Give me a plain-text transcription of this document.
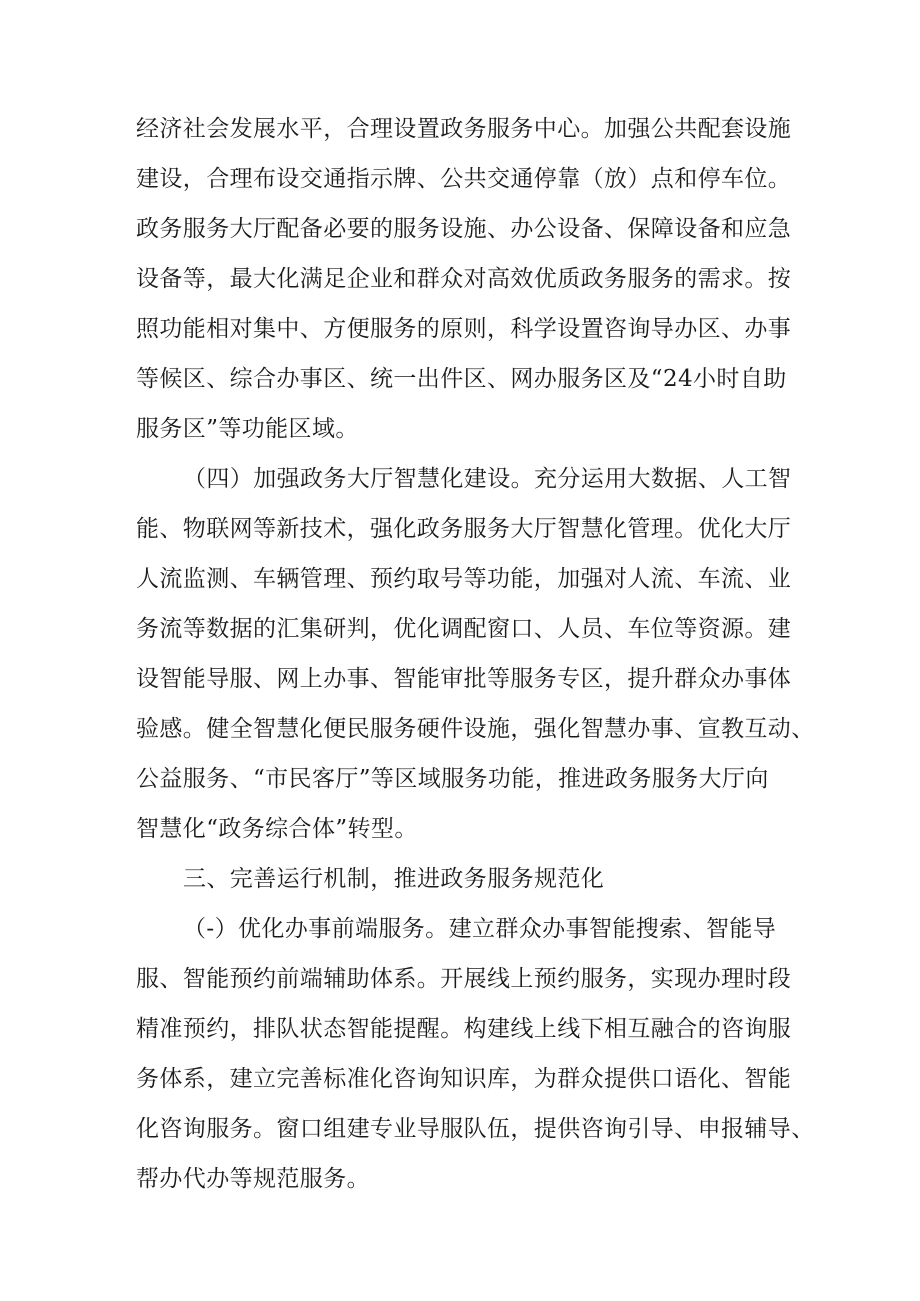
经济社会发展水平，合理设置政务服务中心。加强公共配套设施
建设，合理布设交通指示牌、公共交通停靠（放）点和停车位。
政务服务大厅配备必要的服务设施、办公设备、保障设备和应急
设备等，最大化满足企业和群众对高效优质政务服务的需求。按
照功能相对集中、方便服务的原则，科学设置咨询导办区、办事
等候区、综合办事区、统一出件区、网办服务区及“24小时自助
服务区”等功能区域。
（四）加强政务大厅智慧化建设。充分运用大数据、人工智
能、物联网等新技术，强化政务服务大厅智慧化管理。优化大厅
人流监测、车辆管理、预约取号等功能，加强对人流、车流、业
务流等数据的汇集研判，优化调配窗口、人员、车位等资源。建
设智能导服、网上办事、智能审批等服务专区，提升群众办事体
验感。健全智慧化便民服务硬件设施，强化智慧办事、宣教互动、
公益服务、“市民客厅”等区域服务功能，推进政务服务大厅向
智慧化“政务综合体”转型。
三、完善运行机制，推进政务服务规范化
（-）优化办事前端服务。建立群众办事智能搜索、智能导
服、智能预约前端辅助体系。开展线上预约服务，实现办理时段
精准预约，排队状态智能提醒。构建线上线下相互融合的咨询服
务体系，建立完善标准化咨询知识库，为群众提供口语化、智能
化咨询服务。窗口组建专业导服队伍，提供咨询引导、申报辅导、
帮办代办等规范服务。
